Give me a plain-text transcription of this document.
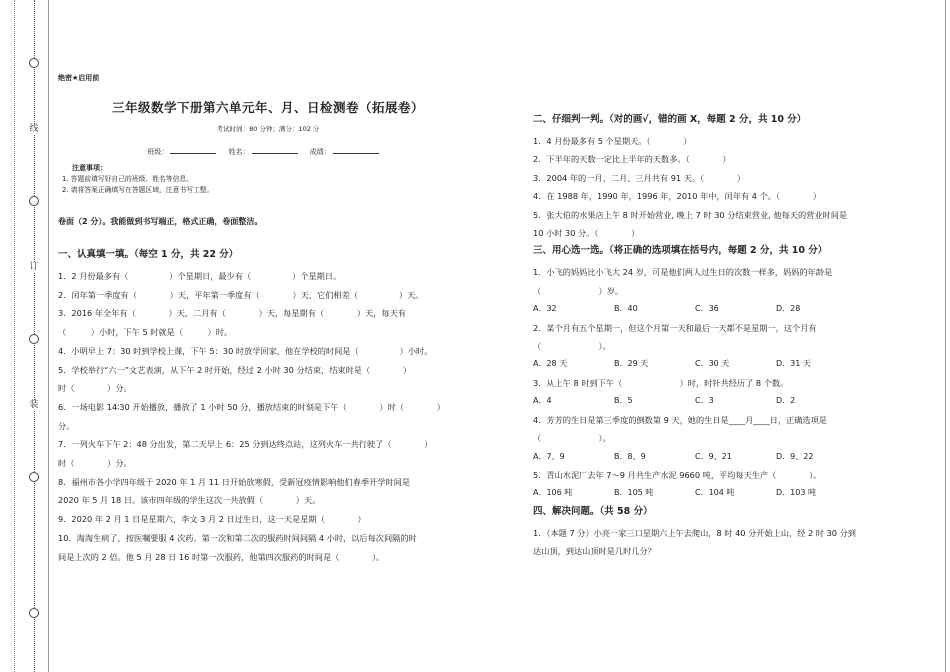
线
订
装
绝密★启用前
三年级数学下册第六单元年、月、日检测卷（拓展卷）
考试时间：80 分钟；满分：102 分
班级：	姓名：	成绩：
注意事项：
1. 答题前填写好自己的班级、姓名等信息。
2. 请将答案正确填写在答题区域，注意书写工整。
卷面（2 分）。我能做到书写端正，格式正确，卷面整洁。
一、认真填一填。（每空 1 分，共 22 分）
1．2 月份最多有（　　　　　）个星期日，最少有（　　　　　）个星期日。
2．闰年第一季度有（　　　　）天，平年第一季度有（　　　　）天，它们相差（　　　　　）天。
3．2016 年全年有（　　　　）天，二月有（　　　　）天，每星期有（　　　　）天，每天有
（　　　）小时，下午 5 时就是（　　　）时。
4．小明早上 7：30 时到学校上课，下午 5：30 时放学回家，他在学校的时间是（　　　　　）小时。
5．学校举行“六一”文艺表演，从下午 2 时开始，经过 2 小时 30 分结束，结束时是（　　　　）
时（　　　　）分。
6．一场电影 14∶30 开始播放，播放了 1 小时 50 分，播放结束的时刻是下午（　　　　）时（　　　　）
分。
7．一列火车下午 2：48 分出发，第二天早上 6：25 分到达终点站，这列火车一共行驶了（　　　　）
时（　　　　）分。
8．福州市各小学四年级于 2020 年 1 月 11 日开始放寒假，受新冠疫情影响他们春季开学时间是
2020 年 5 月 18 日。该市四年级的学生这次一共放假（　　　　）天。
9．2020 年 2 月 1 日是星期六，李文 3 月 2 日过生日，这一天是星期（　　　　）
10．淘淘生病了，按医嘱要服 4 次药。第一次和第二次的服药时间间隔 4 小时，以后每次间隔的时
间是上次的 2 倍。他 5 月 28 日 16 时第一次服药，他第四次服药的时间是（　　　　）。
二、仔细判一判。（对的画√，错的画 X，每题 2 分，共 10 分）
1．4 月份最多有 5 个星期天。（　　　　）
2．下半年的天数一定比上半年的天数多。（　　　　）
3．2004 年的一月、二月、三月共有 91 天。（　　　　）
4．在 1988 年，1990 年，1996 年，2010 年中，闰年有 4 个。（　　　　）
5．张大伯的水果店上午 8 时开始营业, 晚上 7 时 30 分结束营业, 他每天的营业时间是
10 小时 30 分。（　　　　）
三、用心选一选。（将正确的选项填在括号内，每题 2 分，共 10 分）
1．小飞的妈妈比小飞大 24 岁，可是他们两人过生日的次数一样多，妈妈的年龄是
（　　　　　　　）岁。
A．32	B．40	C．36	D．28
2．某个月有五个星期一，但这个月第一天和最后一天都不是星期一，这个月有
（　　　　　　　）。
A．28 天	B．29 天	C．30 天	D．31 天
3．从上午 8 时到下午（　　　　　　　）时，时针共经历了 8 个数。
A．4	B．5	C．3	D．2
4．芳芳的生日是第三季度的倒数第 9 天，她的生日是____月____日，正确选项是
（　　　　　　　）。
A．7、9	B．8、9	C．9、21	D．9、22
5．青山水泥厂去年 7～9 月共生产水泥 9660 吨，平均每天生产（　　　　）。
A．106 吨	B．105 吨	C．104 吨	D．103 吨
四、解决问题。（共 58 分）
1．（本题 7 分）小亮一家三口星期六上午去爬山，8 时 40 分开始上山，经 2 时 30 分到
达山顶，到达山顶时是几时几分？
